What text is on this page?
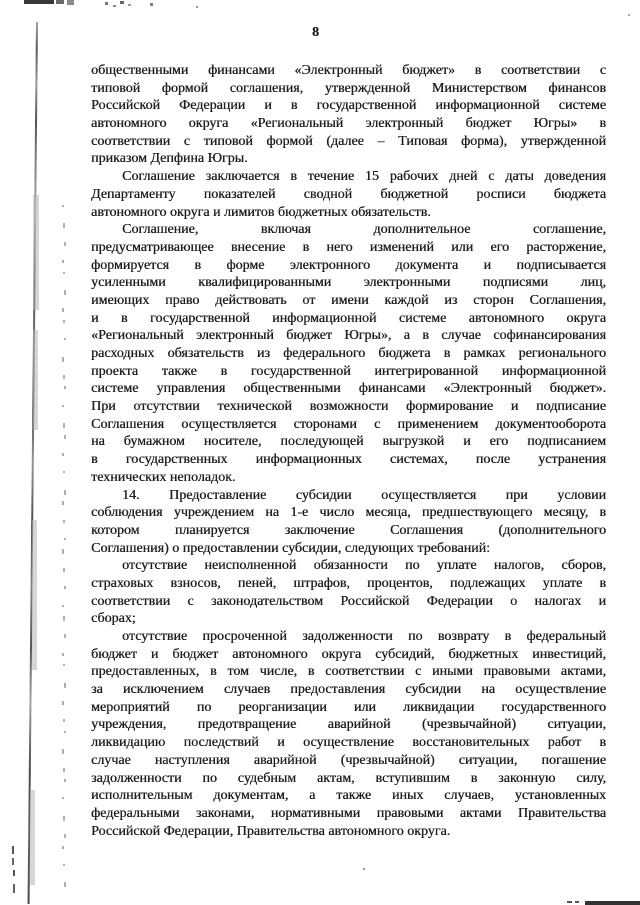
8
общественными финансами «Электронный бюджет» в соответствии с
типовой формой соглашения, утвержденной Министерством финансов
Российской Федерации и в государственной информационной системе
автономного округа «Региональный электронный бюджет Югры» в
соответствии с типовой формой (далее – Типовая форма), утвержденной
приказом Депфина Югры.
Соглашение заключается в течение 15 рабочих дней с даты доведения
Департаменту показателей сводной бюджетной росписи бюджета
автономного округа и лимитов бюджетных обязательств.
Соглашение, включая дополнительное соглашение,
предусматривающее внесение в него изменений или его расторжение,
формируется в форме электронного документа и подписывается
усиленными квалифицированными электронными подписями лиц,
имеющих право действовать от имени каждой из сторон Соглашения,
и в государственной информационной системе автономного округа
«Региональный электронный бюджет Югры», а в случае софинансирования
расходных обязательств из федерального бюджета в рамках регионального
проекта также в государственной интегрированной информационной
системе управления общественными финансами «Электронный бюджет».
При отсутствии технической возможности формирование и подписание
Соглашения осуществляется сторонами с применением документооборота
на бумажном носителе, последующей выгрузкой и его подписанием
в государственных информационных системах, после устранения
технических неполадок.
14. Предоставление субсидии осуществляется при условии
соблюдения учреждением на 1-е число месяца, предшествующего месяцу, в
котором планируется заключение Соглашения (дополнительного
Соглашения) о предоставлении субсидии, следующих требований:
отсутствие неисполненной обязанности по уплате налогов, сборов,
страховых взносов, пеней, штрафов, процентов, подлежащих уплате в
соответствии с законодательством Российской Федерации о налогах и
сборах;
отсутствие просроченной задолженности по возврату в федеральный
бюджет и бюджет автономного округа субсидий, бюджетных инвестиций,
предоставленных, в том числе, в соответствии с иными правовыми актами,
за исключением случаев предоставления субсидии на осуществление
мероприятий по реорганизации или ликвидации государственного
учреждения, предотвращение аварийной (чрезвычайной) ситуации,
ликвидацию последствий и осуществление восстановительных работ в
случае наступления аварийной (чрезвычайной) ситуации, погашение
задолженности по судебным актам, вступившим в законную силу,
исполнительным документам, а также иных случаев, установленных
федеральными законами, нормативными правовыми актами Правительства
Российской Федерации, Правительства автономного округа.
